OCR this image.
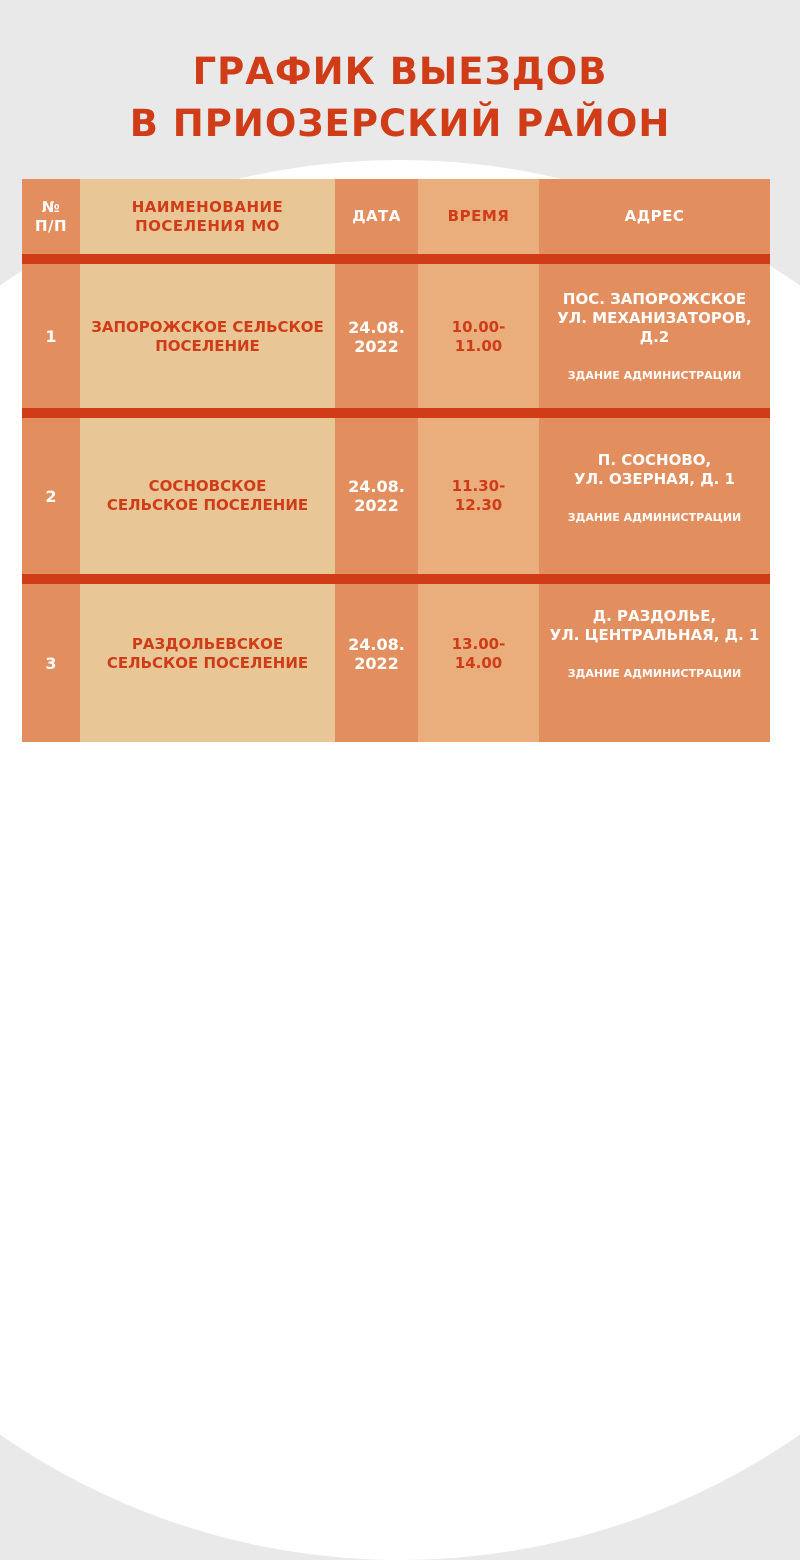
ГРАФИК ВЫЕЗДОВ
В ПРИОЗЕРСКИЙ РАЙОН
№
П/П
НАИМЕНОВАНИЕ
ПОСЕЛЕНИЯ МО
ДАТА	ВРЕМЯ	АДРЕС
1
ЗАПОРОЖСКОЕ СЕЛЬСКОЕ
ПОСЕЛЕНИЕ
24.08.
2022
10.00-
11.00
ПОС. ЗАПОРОЖСКОЕ
УЛ. МЕХАНИЗАТОРОВ,
Д.2
ЗДАНИЕ АДМИНИСТРАЦИИ
2
СОСНОВСКОЕ
СЕЛЬСКОЕ ПОСЕЛЕНИЕ
24.08.
2022
11.30-
12.30
П. СОСНОВО,
УЛ. ОЗЕРНАЯ, Д. 1
ЗДАНИЕ АДМИНИСТРАЦИИ
3
РАЗДОЛЬЕВСКОЕ
СЕЛЬСКОЕ ПОСЕЛЕНИЕ
24.08.
2022
13.00-
14.00
Д. РАЗДОЛЬЕ,
УЛ. ЦЕНТРАЛЬНАЯ, Д. 1
ЗДАНИЕ АДМИНИСТРАЦИИ
